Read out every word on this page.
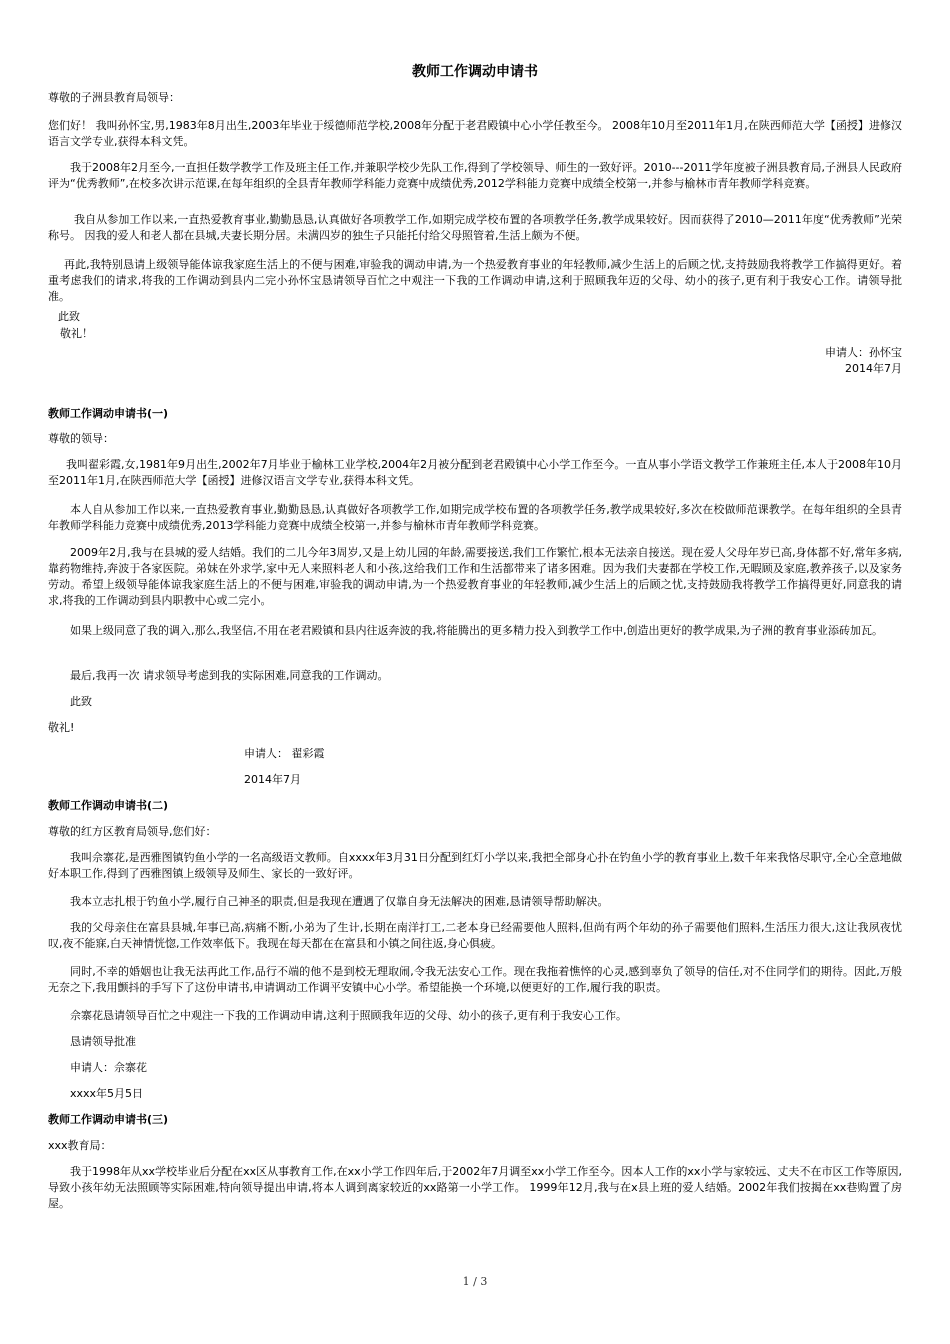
教师工作调动申请书

尊敬的子洲县教育局领导：

您们好！ 我叫孙怀宝,男,1983年8月出生,2003年毕业于绥德师范学校,2008年分配于老君殿镇中心小学任教至今。 2008年10月至2011年1月,在陕西师范大学【函授】进修汉语言文学专业,获得本科文凭。

我于2008年2月至今,一直担任数学教学工作及班主任工作,并兼职学校少先队工作,得到了学校领导、师生的一致好评。2010---2011学年度被子洲县教育局,子洲县人民政府评为“优秀教师”,在校多次讲示范课,在每年组织的全县青年教师学科能力竞赛中成绩优秀,2012学科能力竞赛中成绩全校第一,并参与榆林市青年教师学科竞赛。

我自从参加工作以来,一直热爱教育事业,勤勤恳恳,认真做好各项教学工作,如期完成学校布置的各项教学任务,教学成果较好。因而获得了2010—2011年度“优秀教师”光荣称号。 因我的爱人和老人都在县城,夫妻长期分居。未满四岁的独生子只能托付给父母照管着,生活上颇为不便。

再此,我特别恳请上级领导能体谅我家庭生活上的不便与困难,审验我的调动申请,为一个热爱教育事业的年轻教师,减少生活上的后顾之忧,支持鼓励我将教学工作搞得更好。着重考虑我们的请求,将我的工作调动到县内二完小孙怀宝恳请领导百忙之中观注一下我的工作调动申请,这利于照顾我年迈的父母、幼小的孩子,更有利于我安心工作。请领导批准。

此致

敬礼！

申请人：孙怀宝

2014年7月

教师工作调动申请书(一)

尊敬的领导：

我叫翟彩霞,女,1981年9月出生,2002年7月毕业于榆林工业学校,2004年2月被分配到老君殿镇中心小学工作至今。一直从事小学语文教学工作兼班主任,本人于2008年10月至2011年1月,在陕西师范大学【函授】进修汉语言文学专业,获得本科文凭。

本人自从参加工作以来,一直热爱教育事业,勤勤恳恳,认真做好各项教学工作,如期完成学校布置的各项教学任务,教学成果较好,多次在校做师范课教学。在每年组织的全县青年教师学科能力竞赛中成绩优秀,2013学科能力竞赛中成绩全校第一,并参与榆林市青年教师学科竞赛。

2009年2月,我与在县城的爱人结婚。我们的二儿今年3周岁,又是上幼儿园的年龄,需要接送,我们工作繁忙,根本无法亲自接送。现在爱人父母年岁已高,身体都不好,常年多病,靠药物维持,奔波于各家医院。弟妹在外求学,家中无人来照料老人和小孩,这给我们工作和生活都带来了诸多困难。因为我们夫妻都在学校工作,无暇顾及家庭,教养孩子,以及家务劳动。希望上级领导能体谅我家庭生活上的不便与困难,审验我的调动申请,为一个热爱教育事业的年轻教师,减少生活上的后顾之忧,支持鼓励我将教学工作搞得更好,同意我的请求,将我的工作调动到县内职教中心或二完小。

如果上级同意了我的调入,那么,我坚信,不用在老君殿镇和县内往返奔波的我,将能腾出的更多精力投入到教学工作中,创造出更好的教学成果,为子洲的教育事业添砖加瓦。

最后,我再一次 请求领导考虑到我的实际困难,同意我的工作调动。

此致

敬礼!

申请人： 翟彩霞

2014年7月

教师工作调动申请书(二)

尊敬的红方区教育局领导,您们好：

我叫佘寨花,是西雅图镇钓鱼小学的一名高级语文教师。自xxxx年3月31日分配到红灯小学以来,我把全部身心扑在钓鱼小学的教育事业上,数千年来我恪尽职守,全心全意地做好本职工作,得到了西雅图镇上级领导及师生、家长的一致好评。

我本立志扎根于钓鱼小学,履行自己神圣的职责,但是我现在遭遇了仅靠自身无法解决的困难,恳请领导帮助解决。

我的父母亲住在富县县城,年事已高,病痛不断,小弟为了生计,长期在南洋打工,二老本身已经需要他人照料,但尚有两个年幼的孙子需要他们照料,生活压力很大,这让我夙夜忧叹,夜不能寐,白天神情恍惚,工作效率低下。我现在每天都在在富县和小镇之间往返,身心俱疲。

同时,不幸的婚姻也让我无法再此工作,品行不端的他不是到校无理取闹,令我无法安心工作。现在我拖着憔悴的心灵,感到辜负了领导的信任,对不住同学们的期待。因此,万般无奈之下,我用颤抖的手写下了这份申请书,申请调动工作调平安镇中心小学。希望能换一个环境,以便更好的工作,履行我的职责。

佘寨花恳请领导百忙之中观注一下我的工作调动申请,这利于照顾我年迈的父母、幼小的孩子,更有利于我安心工作。

恳请领导批准

申请人：佘寨花

xxxx年5月5日

教师工作调动申请书(三)

xxx教育局：

我于1998年从xx学校毕业后分配在xx区从事教育工作,在xx小学工作四年后,于2002年7月调至xx小学工作至今。因本人工作的xx小学与家较远、丈夫不在市区工作等原因,导致小孩年幼无法照顾等实际困难,特向领导提出申请,将本人调到离家较近的xx路第一小学工作。 1999年12月,我与在x县上班的爱人结婚。2002年我们按揭在xx巷购置了房屋。

1 / 3
